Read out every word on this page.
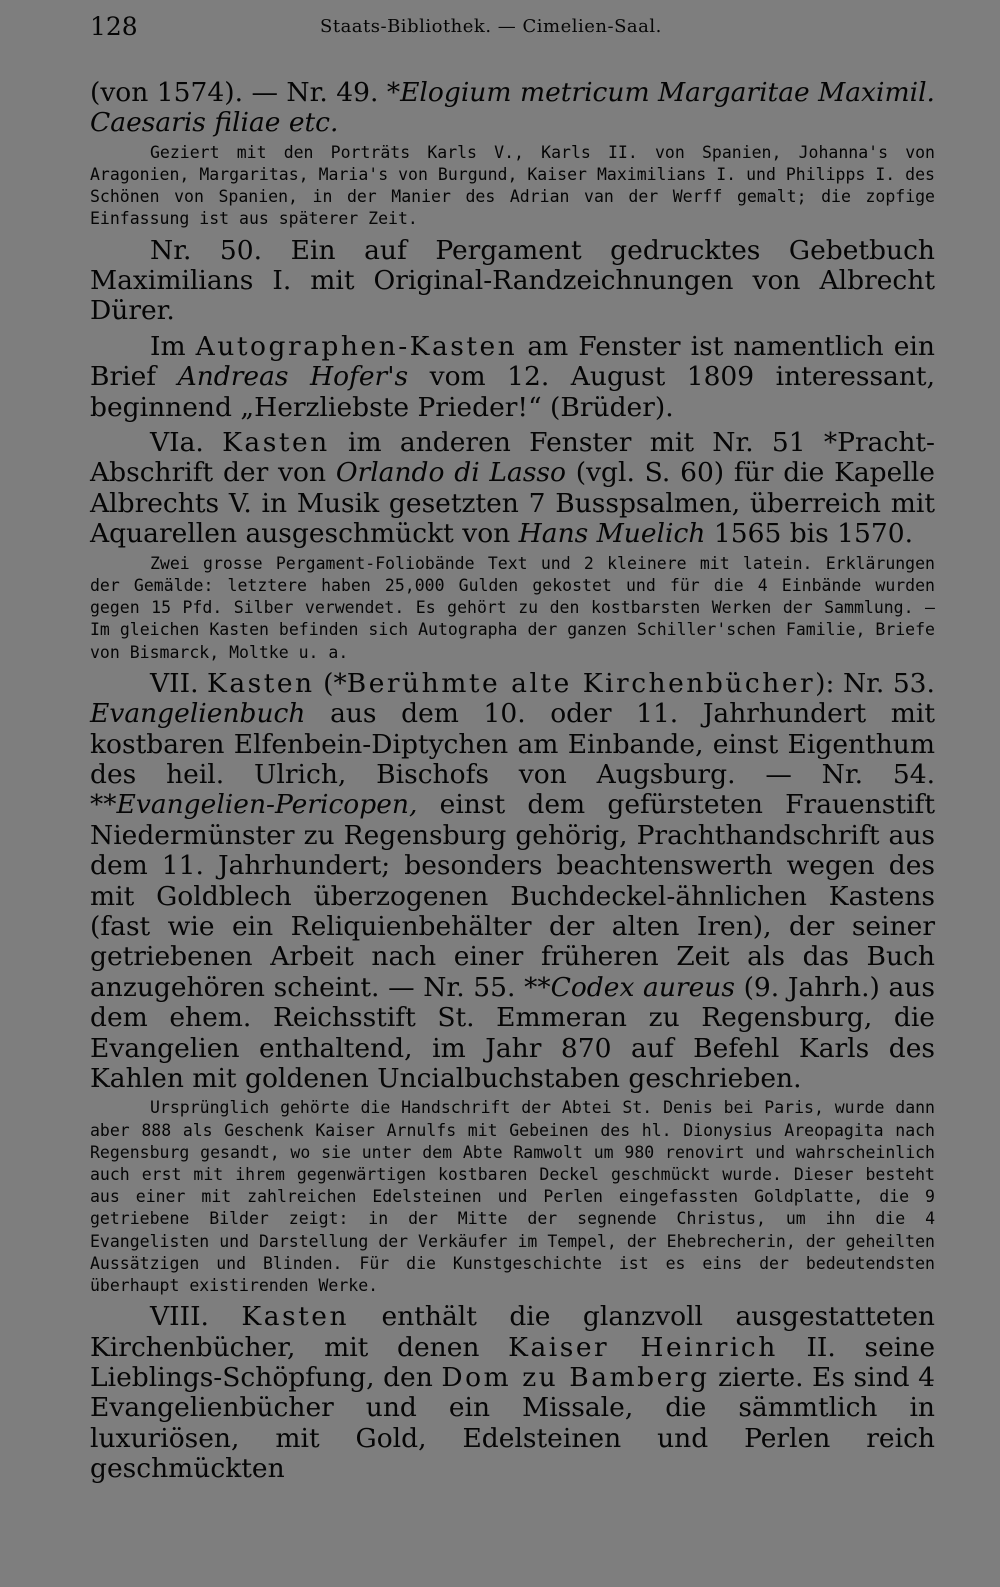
128	Staats-Bibliothek. — Cimelien-Saal.

(von 1574). — Nr. 49. *Elogium metricum Margaritae Maximil. Caesaris filiae etc.

Geziert mit den Porträts Karls V., Karls II. von Spanien, Johanna's von Aragonien, Margaritas, Maria's von Burgund, Kaiser Maximilians I. und Philipps I. des Schönen von Spanien, in der Manier des Adrian van der Werff gemalt; die zopfige Einfassung ist aus späterer Zeit.

Nr. 50. Ein auf Pergament gedrucktes Gebetbuch Maximilians I. mit Original-Randzeichnungen von Albrecht Dürer.

Im Autographen-Kasten am Fenster ist namentlich ein Brief Andreas Hofer's vom 12. August 1809 interessant, beginnend „Herzliebste Prieder!“ (Brüder).

VIa. Kasten im anderen Fenster mit Nr. 51 *Pracht-Abschrift der von Orlando di Lasso (vgl. S. 60) für die Kapelle Albrechts V. in Musik gesetzten 7 Busspsalmen, überreich mit Aquarellen ausgeschmückt von Hans Muelich 1565 bis 1570.

Zwei grosse Pergament-Foliobände Text und 2 kleinere mit latein. Erklärungen der Gemälde: letztere haben 25,000 Gulden gekostet und für die 4 Einbände wurden gegen 15 Pfd. Silber verwendet. Es gehört zu den kostbarsten Werken der Sammlung. — Im gleichen Kasten befinden sich Autographa der ganzen Schiller'schen Familie, Briefe von Bismarck, Moltke u. a.

VII. Kasten (*Berühmte alte Kirchenbücher): Nr. 53. Evangelienbuch aus dem 10. oder 11. Jahrhundert mit kostbaren Elfenbein-Diptychen am Einbande, einst Eigenthum des heil. Ulrich, Bischofs von Augsburg. — Nr. 54. **Evangelien-Pericopen, einst dem gefürsteten Frauenstift Niedermünster zu Regensburg gehörig, Prachthandschrift aus dem 11. Jahrhundert; besonders beachtenswerth wegen des mit Goldblech überzogenen Buchdeckel-ähnlichen Kastens (fast wie ein Reliquienbehälter der alten Iren), der seiner getriebenen Arbeit nach einer früheren Zeit als das Buch anzugehören scheint. — Nr. 55. **Codex aureus (9. Jahrh.) aus dem ehem. Reichsstift St. Emmeran zu Regensburg, die Evangelien enthaltend, im Jahr 870 auf Befehl Karls des Kahlen mit goldenen Uncialbuchstaben geschrieben.

Ursprünglich gehörte die Handschrift der Abtei St. Denis bei Paris, wurde dann aber 888 als Geschenk Kaiser Arnulfs mit Gebeinen des hl. Dionysius Areopagita nach Regensburg gesandt, wo sie unter dem Abte Ramwolt um 980 renovirt und wahrscheinlich auch erst mit ihrem gegenwärtigen kostbaren Deckel geschmückt wurde. Dieser besteht aus einer mit zahlreichen Edelsteinen und Perlen eingefassten Goldplatte, die 9 getriebene Bilder zeigt: in der Mitte der segnende Christus, um ihn die 4 Evangelisten und Darstellung der Verkäufer im Tempel, der Ehebrecherin, der geheilten Aussätzigen und Blinden. Für die Kunstgeschichte ist es eins der bedeutendsten überhaupt existirenden Werke.

VIII. Kasten enthält die glanzvoll ausgestatteten Kirchenbücher, mit denen Kaiser Heinrich II. seine Lieblings-Schöpfung, den Dom zu Bamberg zierte. Es sind 4 Evangelienbücher und ein Missale, die sämmtlich in luxuriösen, mit Gold, Edelsteinen und Perlen reich geschmückten
